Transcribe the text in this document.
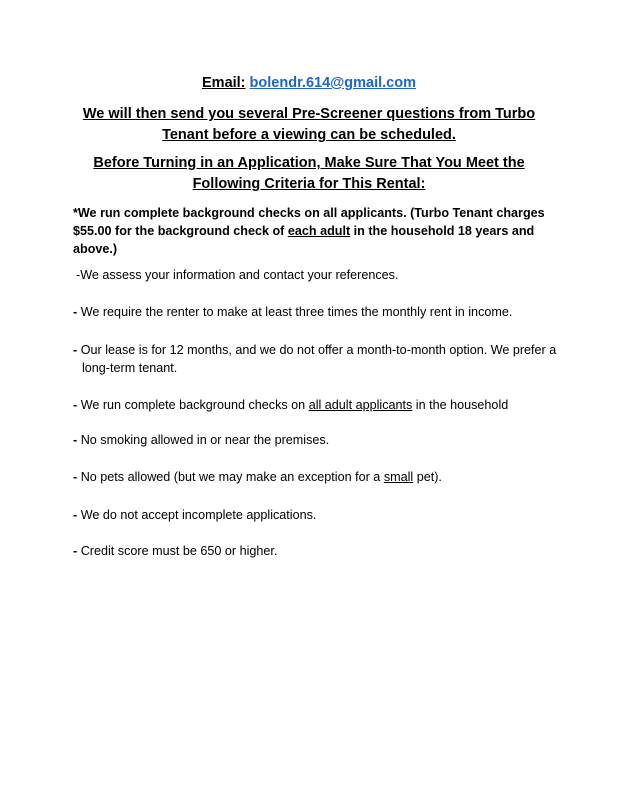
Email: bolendr.614@gmail.com
We will then send you several Pre-Screener questions from Turbo Tenant before a viewing can be scheduled.
Before Turning in an Application, Make Sure That You Meet the Following Criteria for This Rental:
*We run complete background checks on all applicants. (Turbo Tenant charges $55.00 for the background check of each adult in the household 18 years and above.)
-We assess your information and contact your references.
- We require the renter to make at least three times the monthly rent in income.
- Our lease is for 12 months, and we do not offer a month-to-month option. We prefer a long-term tenant.
- We run complete background checks on all adult applicants in the household
- No smoking allowed in or near the premises.
- No pets allowed (but we may make an exception for a small pet).
- We do not accept incomplete applications.
- Credit score must be 650 or higher.
